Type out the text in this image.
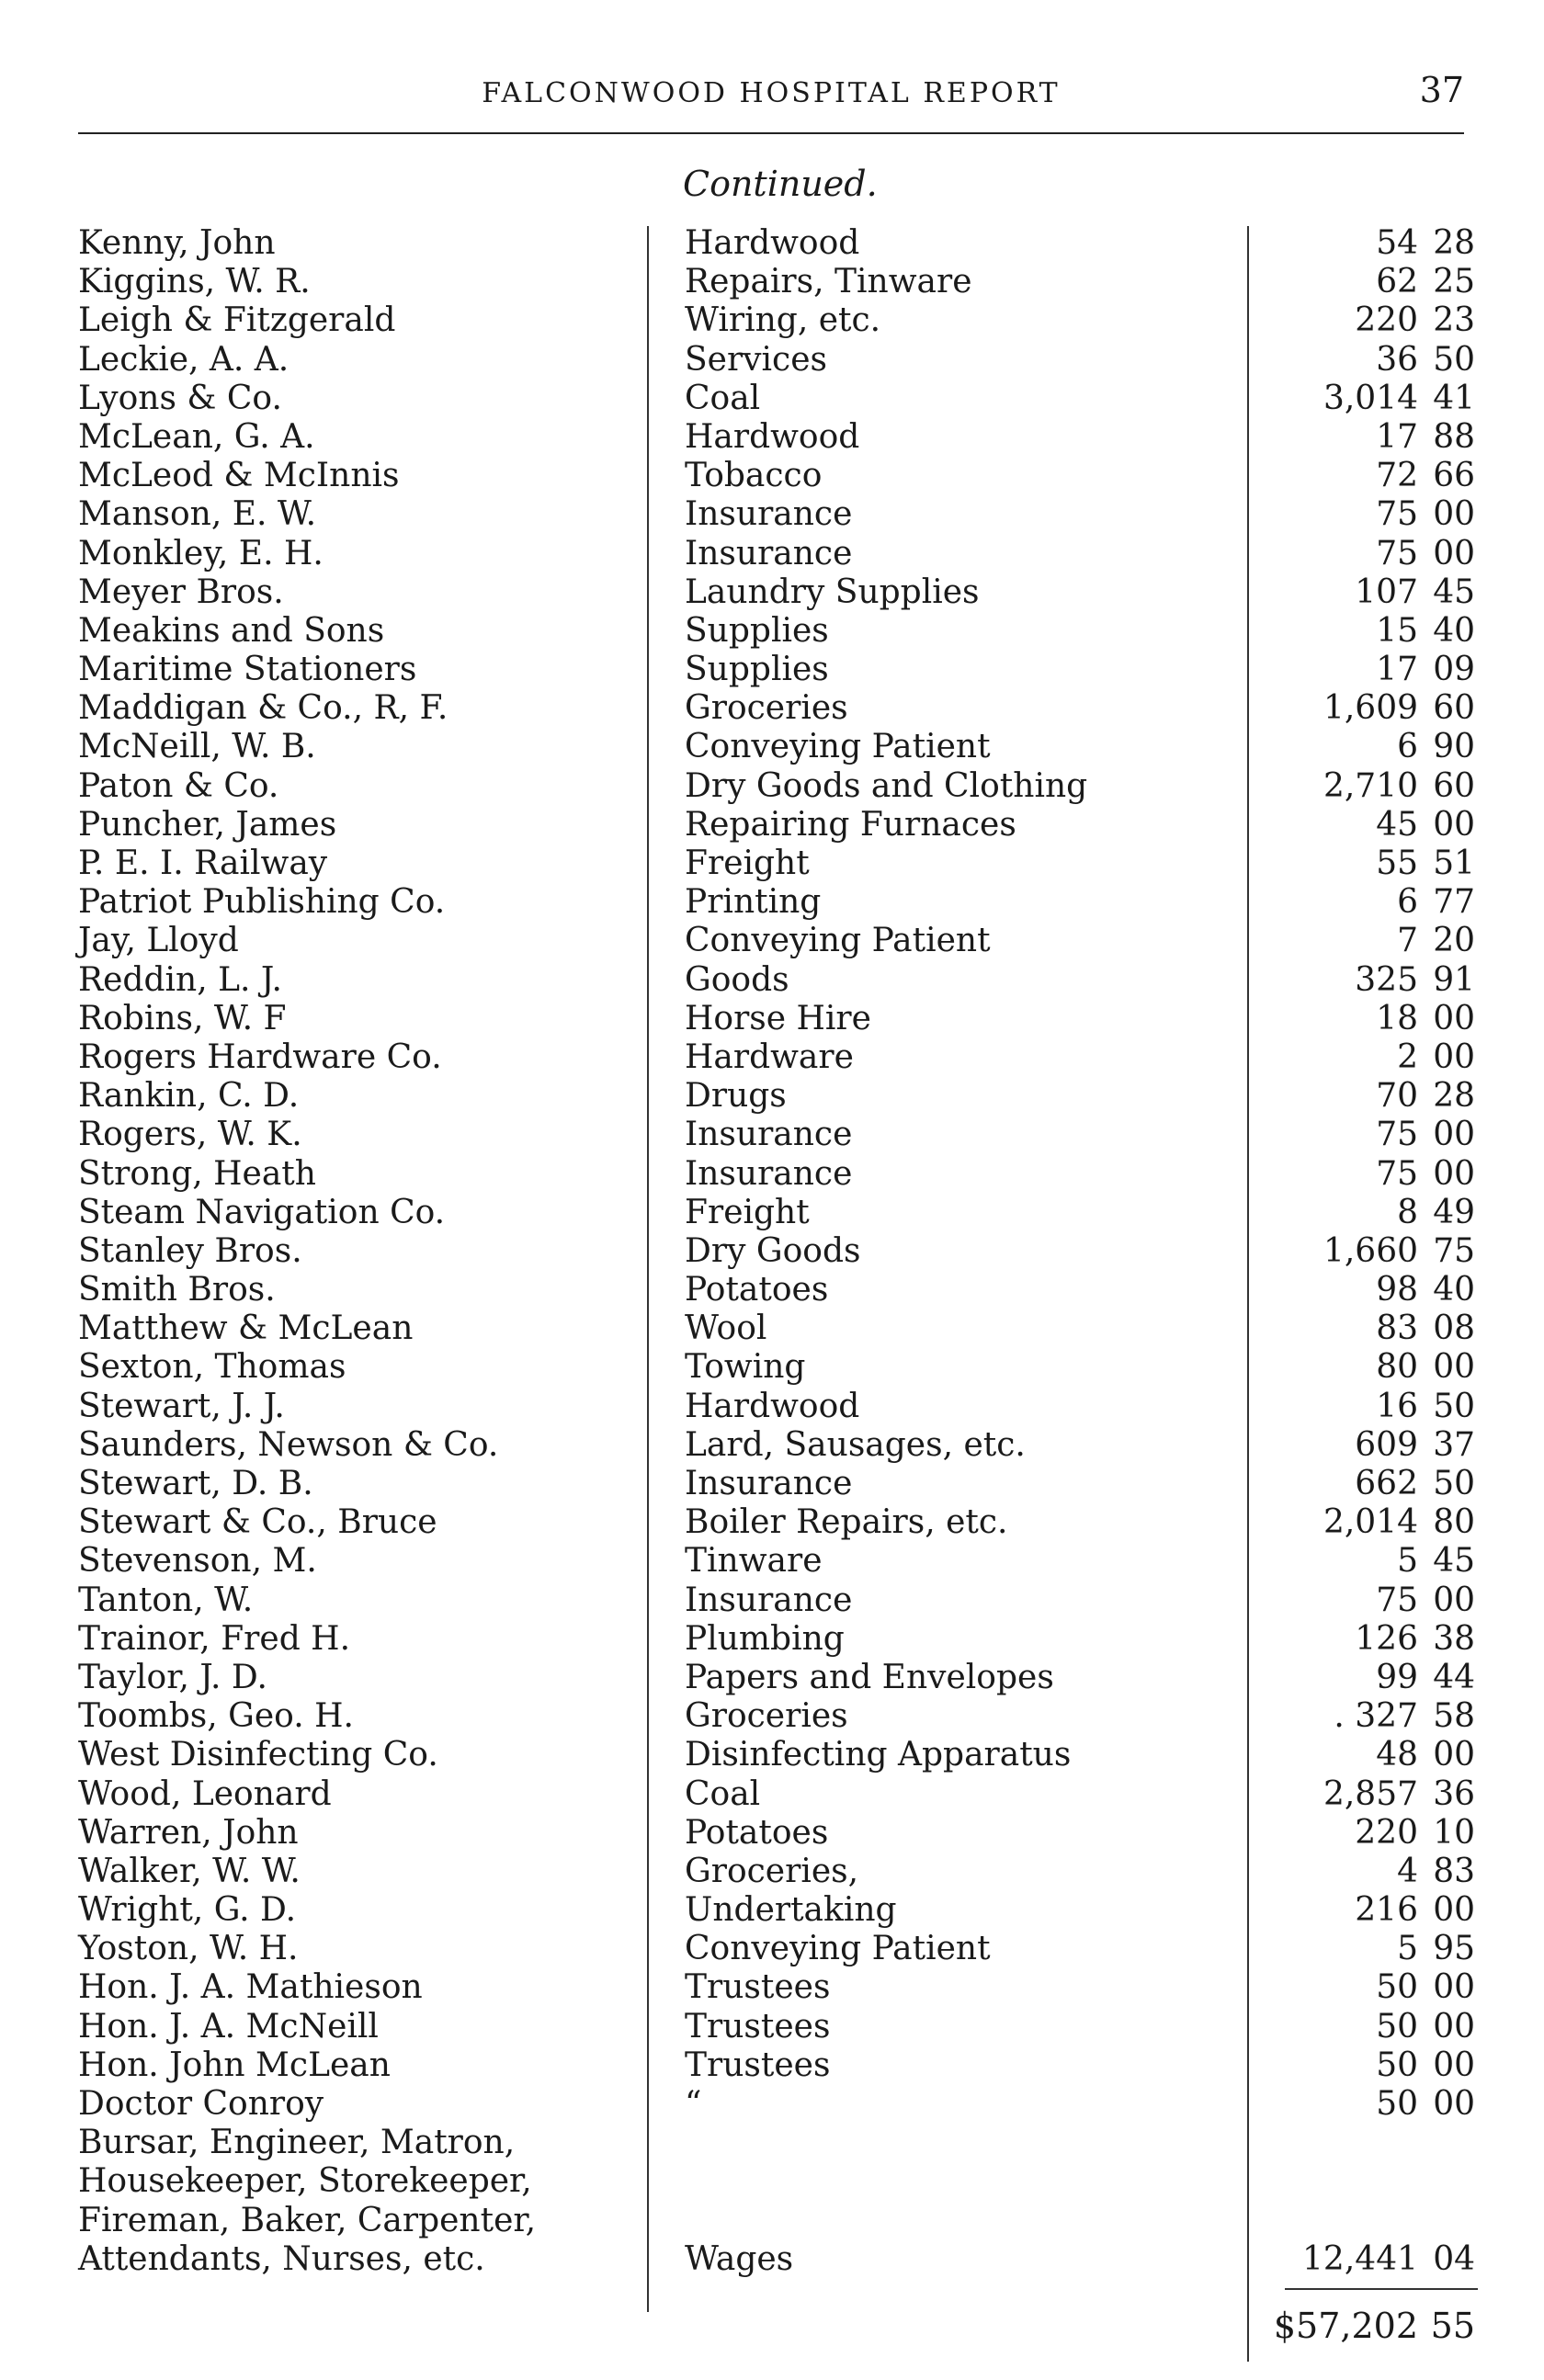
FALCONWOOD HOSPITAL REPORT	37
Continued.
Kenny, John	Hardwood	54 28
Kiggins, W. R.	Repairs, Tinware	62 25
Leigh & Fitzgerald	Wiring, etc.	220 23
Leckie, A. A.	Services	36 50
Lyons & Co.	Coal	3,014 41
McLean, G. A.	Hardwood	17 88
McLeod & McInnis	Tobacco	72 66
Manson, E. W.	Insurance	75 00
Monkley, E. H.	Insurance	75 00
Meyer Bros.	Laundry Supplies	107 45
Meakins and Sons	Supplies	15 40
Maritime Stationers	Supplies	17 09
Maddigan & Co., R, F.	Groceries	1,609 60
McNeill, W. B.	Conveying Patient	6 90
Paton & Co.	Dry Goods and Clothing	2,710 60
Puncher, James	Repairing Furnaces	45 00
P. E. I. Railway	Freight	55 51
Patriot Publishing Co.	Printing	6 77
Jay, Lloyd	Conveying Patient	7 20
Reddin, L. J.	Goods	325 91
Robins, W. F	Horse Hire	18 00
Rogers Hardware Co.	Hardware	2 00
Rankin, C. D.	Drugs	70 28
Rogers, W. K.	Insurance	75 00
Strong, Heath	Insurance	75 00
Steam Navigation Co.	Freight	8 49
Stanley Bros.	Dry Goods	1,660 75
Smith Bros.	Potatoes	98 40
Matthew & McLean	Wool	83 08
Sexton, Thomas	Towing	80 00
Stewart, J. J.	Hardwood	16 50
Saunders, Newson & Co.	Lard, Sausages, etc.	609 37
Stewart, D. B.	Insurance	662 50
Stewart & Co., Bruce	Boiler Repairs, etc.	2,014 80
Stevenson, M.	Tinware	5 45
Tanton, W.	Insurance	75 00
Trainor, Fred H.	Plumbing	126 38
Taylor, J. D.	Papers and Envelopes	99 44
Toombs, Geo. H.	Groceries	. 327 58
West Disinfecting Co.	Disinfecting Apparatus	48 00
Wood, Leonard	Coal	2,857 36
Warren, John	Potatoes	220 10
Walker, W. W.	Groceries,	4 83
Wright, G. D.	Undertaking	216 00
Yoston, W. H.	Conveying Patient	5 95
Hon. J. A. Mathieson	Trustees	50 00
Hon. J. A. McNeill	Trustees	50 00
Hon. John McLean	Trustees	50 00
Doctor Conroy	“	50 00
Bursar, Engineer, Matron,
Housekeeper, Storekeeper,
Fireman, Baker, Carpenter,
Attendants, Nurses, etc.	Wages	12,441 04
$57,202 55
